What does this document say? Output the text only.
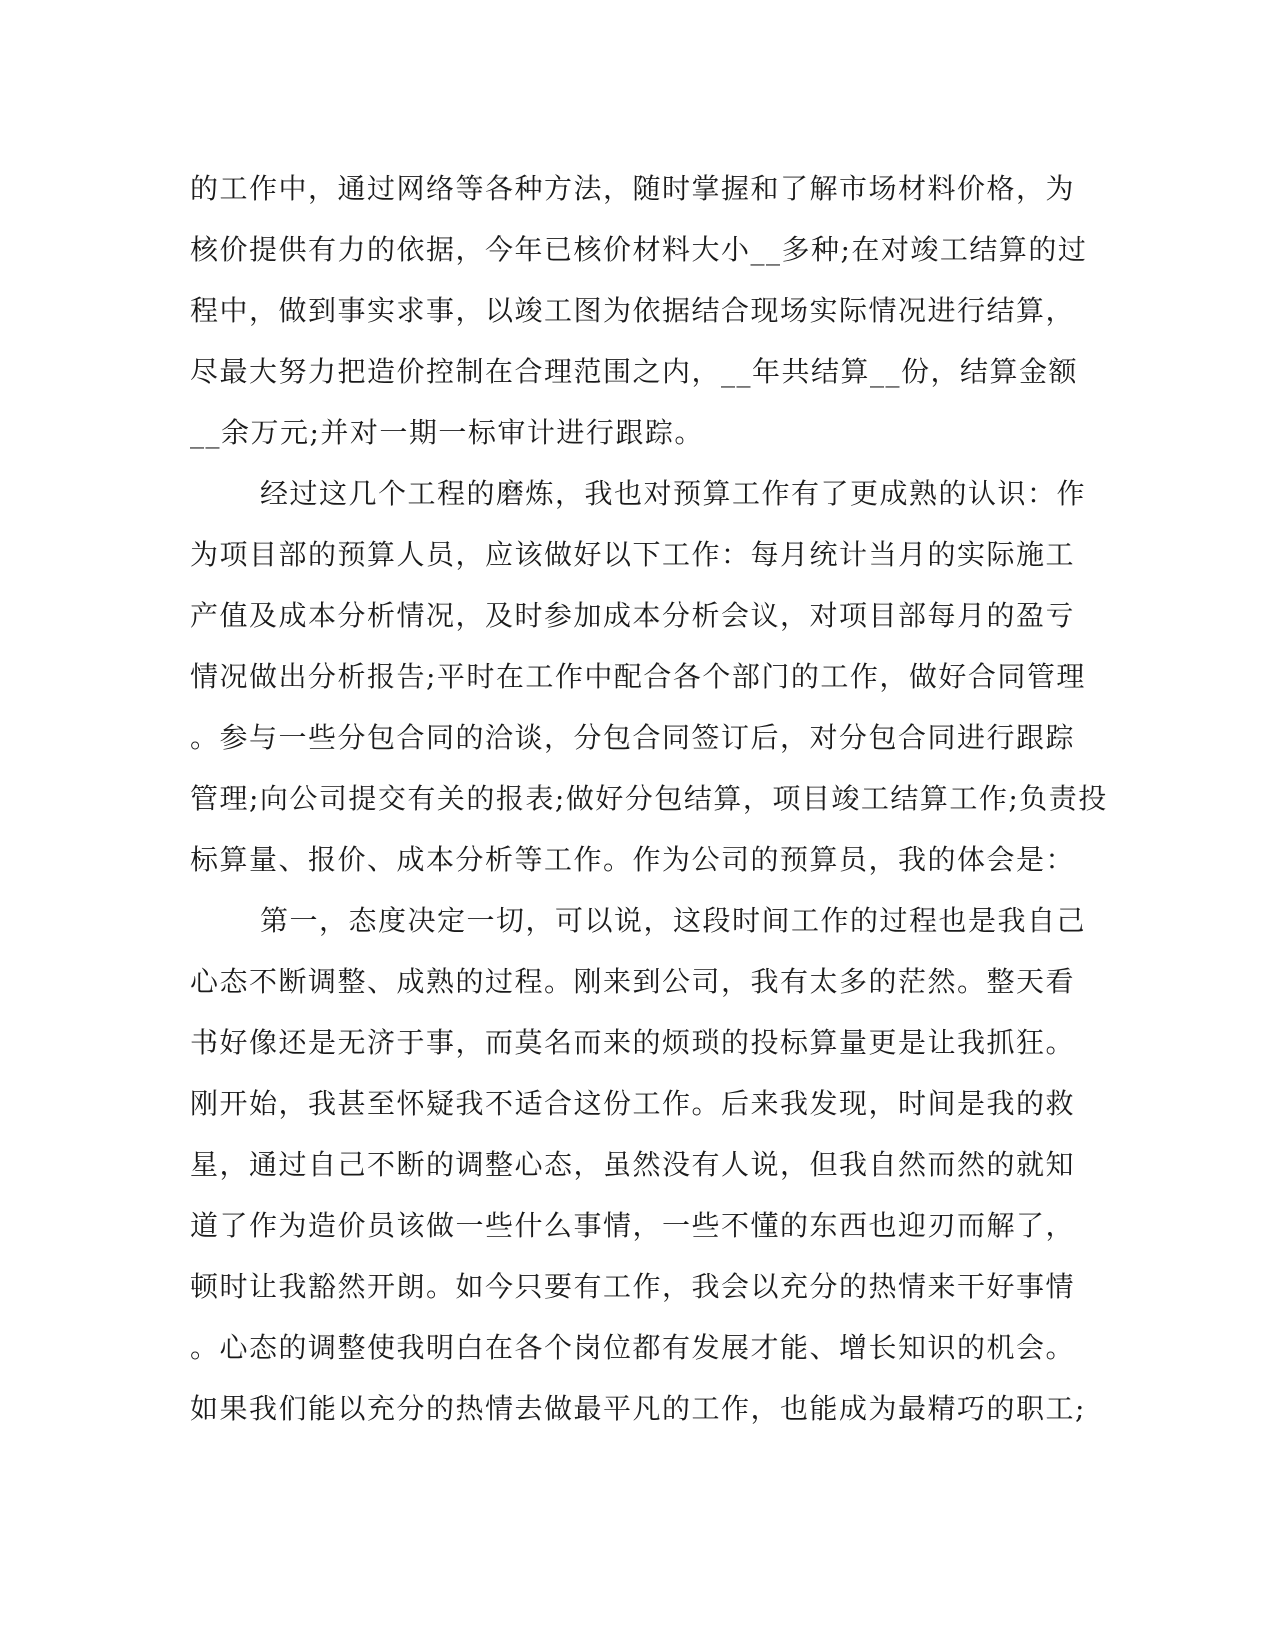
的工作中，通过网络等各种方法，随时掌握和了解市场材料价格，为
核价提供有力的依据，今年已核价材料大小__多种;在对竣工结算的过
程中，做到事实求事，以竣工图为依据结合现场实际情况进行结算，
尽最大努力把造价控制在合理范围之内，__年共结算__份，结算金额
__余万元;并对一期一标审计进行跟踪。
经过这几个工程的磨炼，我也对预算工作有了更成熟的认识：作
为项目部的预算人员，应该做好以下工作：每月统计当月的实际施工
产值及成本分析情况，及时参加成本分析会议，对项目部每月的盈亏
情况做出分析报告;平时在工作中配合各个部门的工作，做好合同管理
。参与一些分包合同的洽谈，分包合同签订后，对分包合同进行跟踪
管理;向公司提交有关的报表;做好分包结算，项目竣工结算工作;负责投
标算量、报价、成本分析等工作。作为公司的预算员，我的体会是：
第一，态度决定一切，可以说，这段时间工作的过程也是我自己
心态不断调整、成熟的过程。刚来到公司，我有太多的茫然。整天看
书好像还是无济于事，而莫名而来的烦琐的投标算量更是让我抓狂。
刚开始，我甚至怀疑我不适合这份工作。后来我发现，时间是我的救
星，通过自己不断的调整心态，虽然没有人说，但我自然而然的就知
道了作为造价员该做一些什么事情，一些不懂的东西也迎刃而解了，
顿时让我豁然开朗。如今只要有工作，我会以充分的热情来干好事情
。心态的调整使我明白在各个岗位都有发展才能、增长知识的机会。
如果我们能以充分的热情去做最平凡的工作，也能成为最精巧的职工;
